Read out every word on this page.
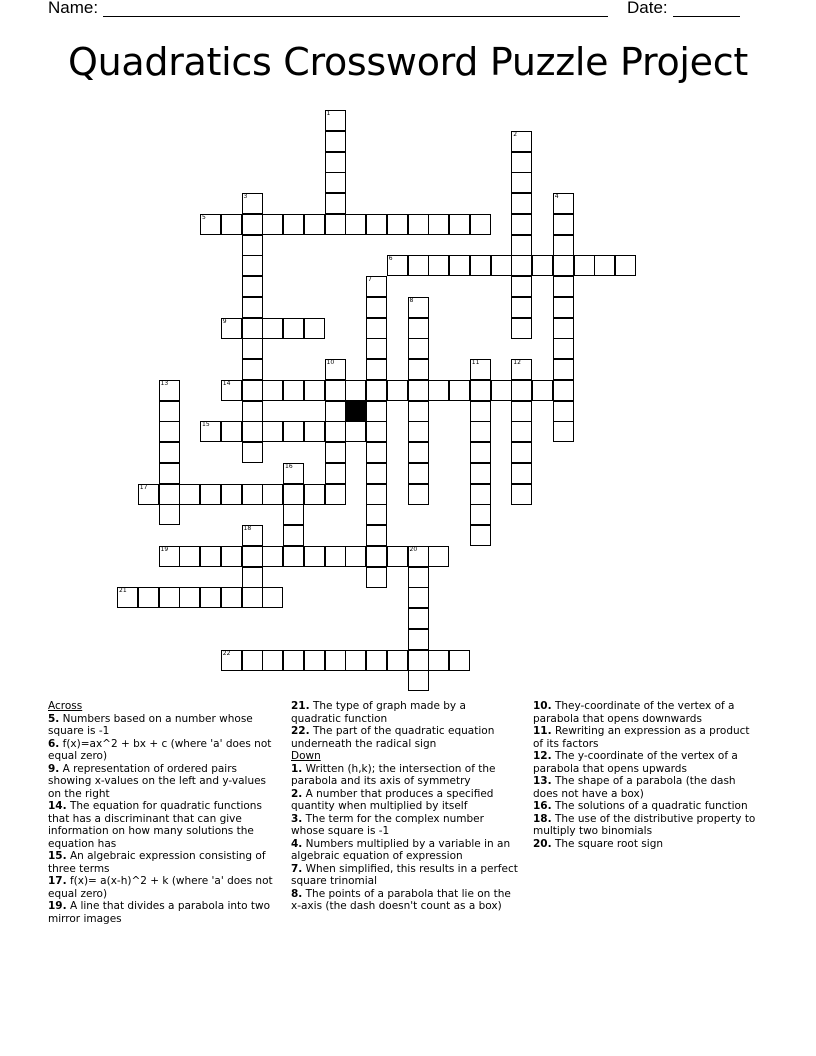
Name:	Date:
Quadratics Crossword Puzzle Project
1
2
3	4
5
6
7
8
9
10	11	12
13	14
15
16
17
18
19	20
21
22
Across
5. Numbers based on a number whose square is -1
6. f(x)=ax^2 + bx + c (where 'a' does not equal zero)
9. A representation of ordered pairs showing x-values on the left and y-values on the right
14. The equation for quadratic functions that has a discriminant that can give information on how many solutions the equation has
15. An algebraic expression consisting of three terms
17. f(x)= a(x-h)^2 + k (where 'a' does not equal zero)
19. A line that divides a parabola into two mirror images
21. The type of graph made by a quadratic function
22. The part of the quadratic equation underneath the radical sign
Down
1. Written (h,k); the intersection of the parabola and its axis of symmetry
2. A number that produces a specified quantity when multiplied by itself
3. The term for the complex number whose square is -1
4. Numbers multiplied by a variable in an algebraic equation of expression
7. When simplified, this results in a perfect square trinomial
8. The points of a parabola that lie on the x-axis (the dash doesn't count as a box)
10. They-coordinate of the vertex of a parabola that opens downwards
11. Rewriting an expression as a product of its factors
12. The y-coordinate of the vertex of a parabola that opens upwards
13. The shape of a parabola (the dash does not have a box)
16. The solutions of a quadratic function
18. The use of the distributive property to multiply two binomials
20. The square root sign
